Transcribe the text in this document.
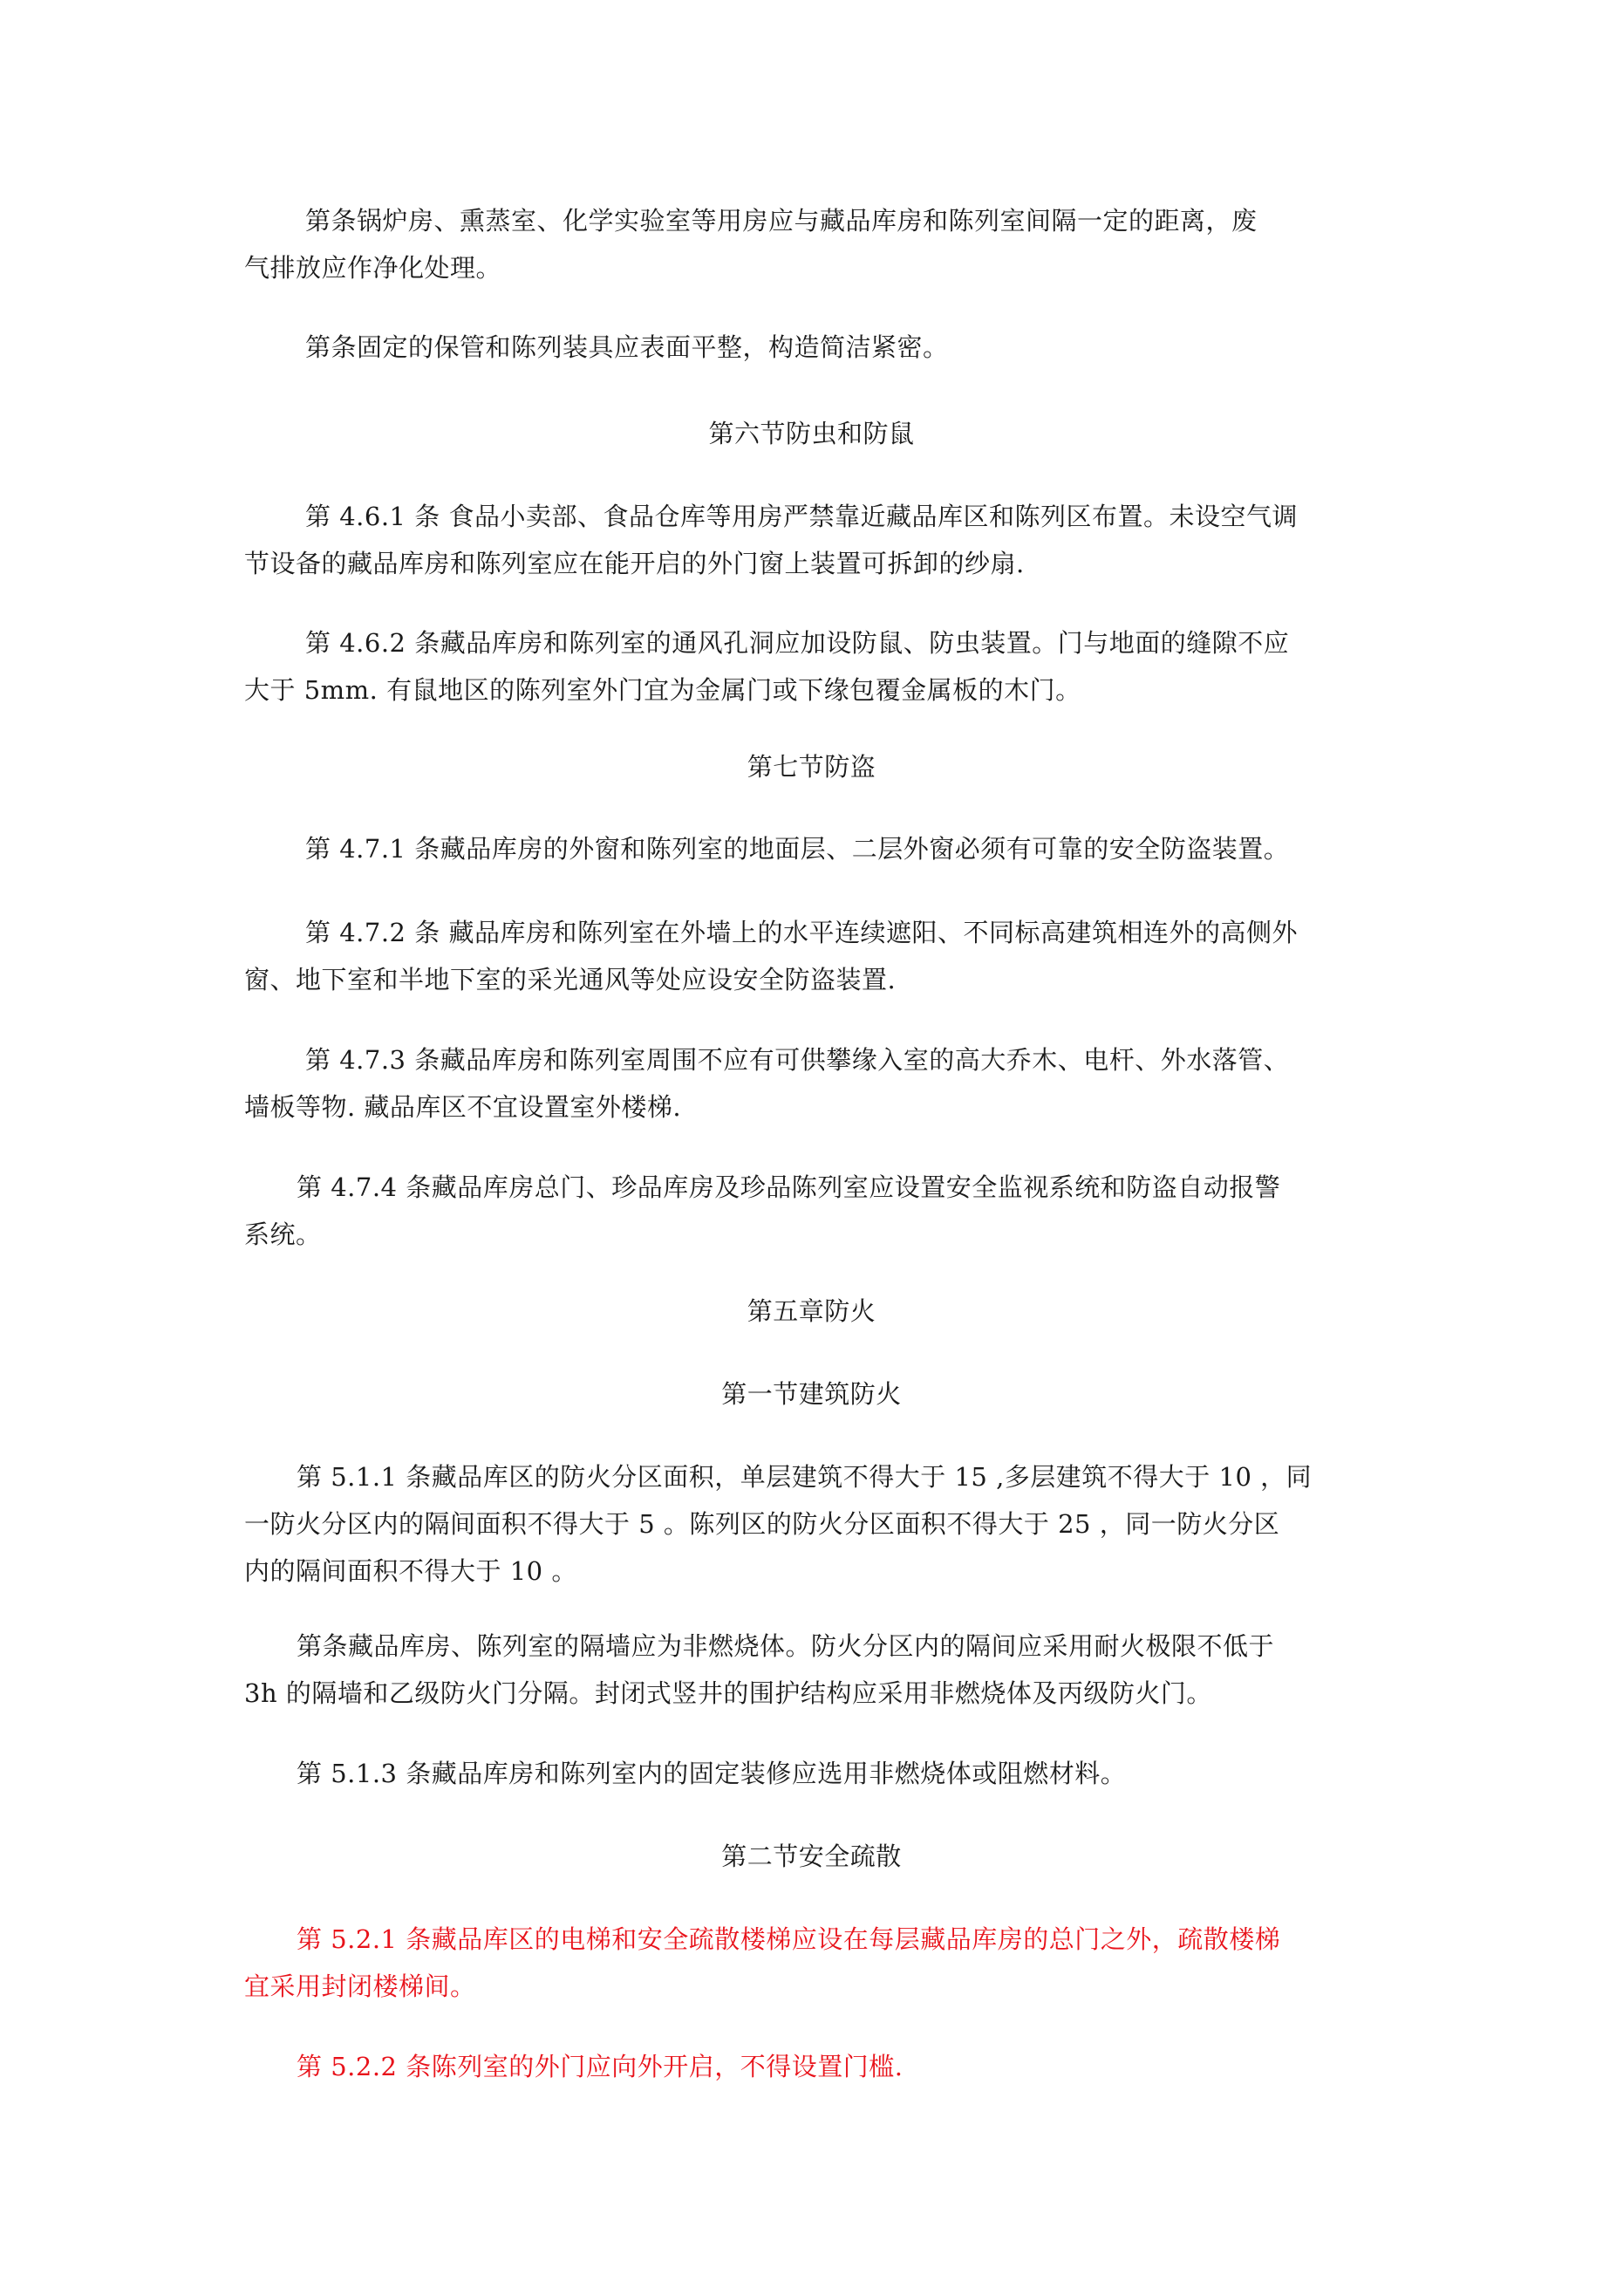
第条锅炉房、熏蒸室、化学实验室等用房应与藏品库房和陈列室间隔一定的距离，废
气排放应作净化处理。
第条固定的保管和陈列装具应表面平整，构造简洁紧密。
第六节防虫和防鼠
第 4.6.1 条 食品小卖部、食品仓库等用房严禁靠近藏品库区和陈列区布置。未设空气调
节设备的藏品库房和陈列室应在能开启的外门窗上装置可拆卸的纱扇.
第 4.6.2 条藏品库房和陈列室的通风孔洞应加设防鼠、防虫装置。门与地面的缝隙不应
大于 5mm. 有鼠地区的陈列室外门宜为金属门或下缘包覆金属板的木门。
第七节防盗
第 4.7.1 条藏品库房的外窗和陈列室的地面层、二层外窗必须有可靠的安全防盗装置。
第 4.7.2 条 藏品库房和陈列室在外墙上的水平连续遮阳、不同标高建筑相连外的高侧外
窗、地下室和半地下室的采光通风等处应设安全防盗装置.
第 4.7.3 条藏品库房和陈列室周围不应有可供攀缘入室的高大乔木、电杆、外水落管、
墙板等物. 藏品库区不宜设置室外楼梯.
第 4.7.4 条藏品库房总门、珍品库房及珍品陈列室应设置安全监视系统和防盗自动报警
系统。
第五章防火
第一节建筑防火
第 5.1.1 条藏品库区的防火分区面积，单层建筑不得大于 15 ,多层建筑不得大于 10 ，同
一防火分区内的隔间面积不得大于 5 。陈列区的防火分区面积不得大于 25 ，同一防火分区
内的隔间面积不得大于 10 。
第条藏品库房、陈列室的隔墙应为非燃烧体。防火分区内的隔间应采用耐火极限不低于
3h 的隔墙和乙级防火门分隔。封闭式竖井的围护结构应采用非燃烧体及丙级防火门。
第 5.1.3 条藏品库房和陈列室内的固定装修应选用非燃烧体或阻燃材料。
第二节安全疏散
第 5.2.1 条藏品库区的电梯和安全疏散楼梯应设在每层藏品库房的总门之外，疏散楼梯
宜采用封闭楼梯间。
第 5.2.2 条陈列室的外门应向外开启，不得设置门槛.
